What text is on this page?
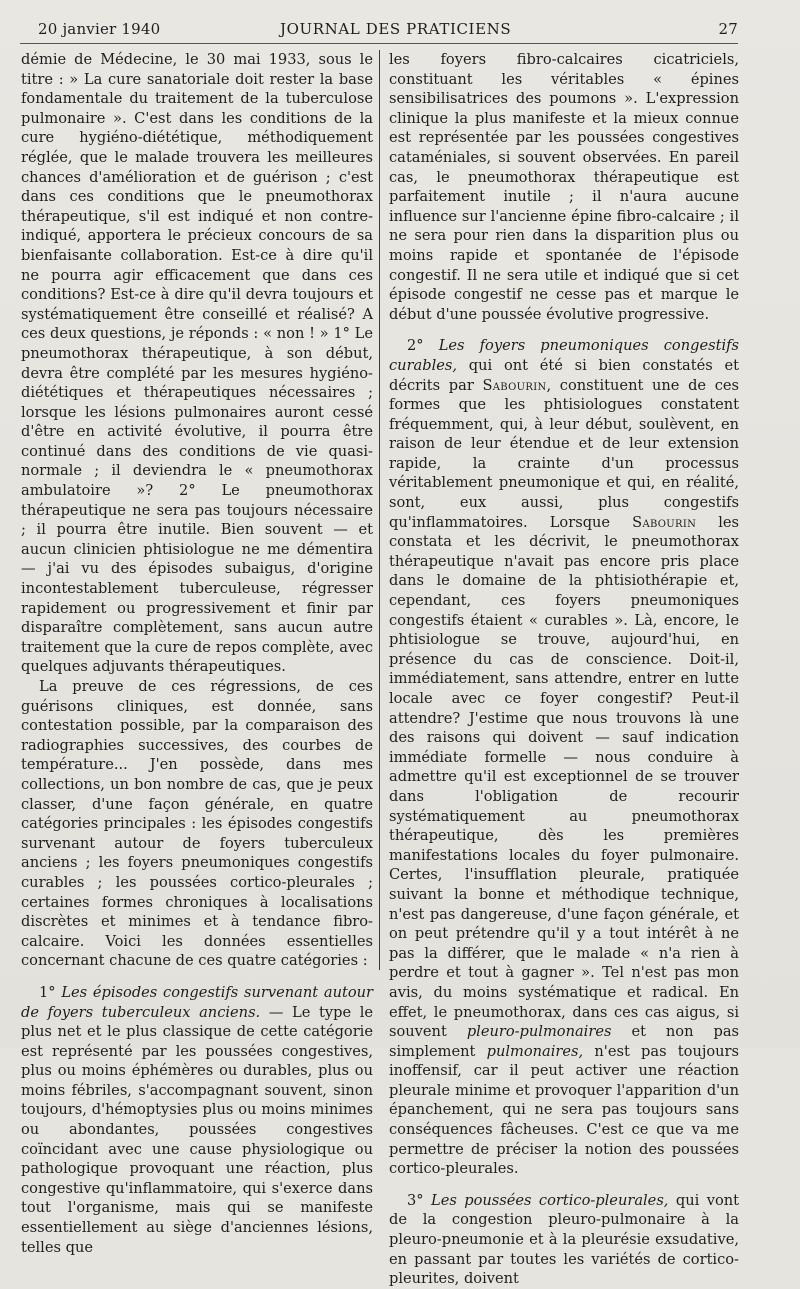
20 janvier 1940	JOURNAL DES PRATICIENS	27

démie de Médecine, le 30 mai 1933, sous le titre : » La cure sanatoriale doit rester la base fondamentale du traitement de la tuberculose pulmonaire ». C'est dans les conditions de la cure hygiéno-diététique, méthodiquement réglée, que le malade trouvera les meilleures chances d'amélioration et de guérison ; c'est dans ces conditions que le pneumothorax thérapeutique, s'il est indiqué et non contre-indiqué, apportera le précieux concours de sa bienfaisante collaboration. Est-ce à dire qu'il ne pourra agir efficacement que dans ces conditions? Est-ce à dire qu'il devra toujours et systématiquement être conseillé et réalisé? A ces deux questions, je réponds : « non ! » 1° Le pneumothorax thérapeutique, à son début, devra être complété par les mesures hygiéno-diététiques et thérapeutiques nécessaires ; lorsque les lésions pulmonaires auront cessé d'être en activité évolutive, il pourra être continué dans des conditions de vie quasi-normale ; il deviendra le « pneumothorax ambulatoire »? 2° Le pneumothorax thérapeutique ne sera pas toujours nécessaire ; il pourra être inutile. Bien souvent — et aucun clinicien phtisiologue ne me démentira — j'ai vu des épisodes subaigus, d'origine incontestablement tuberculeuse, régresser rapidement ou progressivement et finir par disparaître complètement, sans aucun autre traitement que la cure de repos complète, avec quelques adjuvants thérapeutiques.

La preuve de ces régressions, de ces guérisons cliniques, est donnée, sans contestation possible, par la comparaison des radiographies successives, des courbes de température... J'en possède, dans mes collections, un bon nombre de cas, que je peux classer, d'une façon générale, en quatre catégories principales : les épisodes congestifs survenant autour de foyers tuberculeux anciens ; les foyers pneumoniques congestifs curables ; les poussées cortico-pleurales ; certaines formes chroniques à localisations discrètes et minimes et à tendance fibro-calcaire. Voici les données essentielles concernant chacune de ces quatre catégories :

1° Les épisodes congestifs survenant autour de foyers tuberculeux anciens. — Le type le plus net et le plus classique de cette catégorie est représenté par les poussées congestives, plus ou moins éphémères ou durables, plus ou moins fébriles, s'accompagnant souvent, sinon toujours, d'hémoptysies plus ou moins minimes ou abondantes, poussées congestives coïncidant avec une cause physiologique ou pathologique provoquant une réaction, plus congestive qu'inflammatoire, qui s'exerce dans tout l'organisme, mais qui se manifeste essentiellement au siège d'anciennes lésions, telles que

les foyers fibro-calcaires cicatriciels, constituant les véritables « épines sensibilisatrices des poumons ». L'expression clinique la plus manifeste et la mieux connue est représentée par les poussées congestives cataméniales, si souvent observées. En pareil cas, le pneumothorax thérapeutique est parfaitement inutile ; il n'aura aucune influence sur l'ancienne épine fibro-calcaire ; il ne sera pour rien dans la disparition plus ou moins rapide et spontanée de l'épisode congestif. Il ne sera utile et indiqué que si cet épisode congestif ne cesse pas et marque le début d'une poussée évolutive progressive.

2° Les foyers pneumoniques congestifs curables, qui ont été si bien constatés et décrits par Sabourin, constituent une de ces formes que les phtisiologues constatent fréquemment, qui, à leur début, soulèvent, en raison de leur étendue et de leur extension rapide, la crainte d'un processus véritablement pneumonique et qui, en réalité, sont, eux aussi, plus congestifs qu'inflammatoires. Lorsque Sabourin les constata et les décrivit, le pneumothorax thérapeutique n'avait pas encore pris place dans le domaine de la phtisiothérapie et, cependant, ces foyers pneumoniques congestifs étaient « curables ». Là, encore, le phtisiologue se trouve, aujourd'hui, en présence du cas de conscience. Doit-il, immédiatement, sans attendre, entrer en lutte locale avec ce foyer congestif? Peut-il attendre? J'estime que nous trouvons là une des raisons qui doivent — sauf indication immédiate formelle — nous conduire à admettre qu'il est exceptionnel de se trouver dans l'obligation de recourir systématiquement au pneumothorax thérapeutique, dès les premières manifestations locales du foyer pulmonaire. Certes, l'insufflation pleurale, pratiquée suivant la bonne et méthodique technique, n'est pas dangereuse, d'une façon générale, et on peut prétendre qu'il y a tout intérêt à ne pas la différer, que le malade « n'a rien à perdre et tout à gagner ». Tel n'est pas mon avis, du moins systématique et radical. En effet, le pneumothorax, dans ces cas aigus, si souvent pleuro-pulmonaires et non pas simplement pulmonaires, n'est pas toujours inoffensif, car il peut activer une réaction pleurale minime et provoquer l'apparition d'un épanchement, qui ne sera pas toujours sans conséquences fâcheuses. C'est ce que va me permettre de préciser la notion des poussées cortico-pleurales.

3° Les poussées cortico-pleurales, qui vont de la congestion pleuro-pulmonaire à la pleuro-pneumonie et à la pleurésie exsudative, en passant par toutes les variétés de cortico-pleurites, doivent
